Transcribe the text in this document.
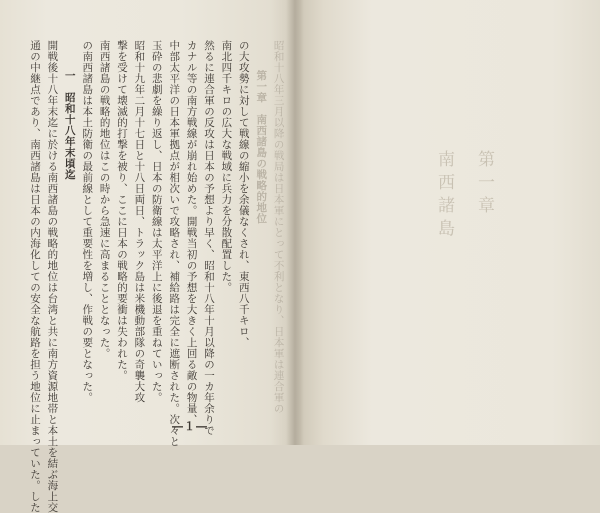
昭和十八年三月以降の戦局は日本軍にとって不利となり、日本軍は連合軍の
第一章　南西諸島の戦略的地位
の大攻勢に対して戦線の縮小を余儀なくされ、東西八千キロ、
南北四千キロの広大な戦域に兵力を分散配置した。
然るに連合軍の反攻は日本の予想より早く、昭和十八年十月以降の一カ年余りで
カナル等の南方戦線が崩れ始めた。開戦当初の予想を大きく上回る敵の物量、
中部太平洋の日本軍拠点が相次いで攻略され、補給路は完全に遮断された。次々と
玉砕の悲劇を繰り返し、日本の防衛線は太平洋上に後退を重ねていった。
昭和十九年二月十七日と十八日両日、トラック島は米機動部隊の奇襲大攻
撃を受けて壊滅的打撃を被り、ここに日本の戦略的要衝は失われた。
南西諸島の戦略的地位はこの時から急速に高まることとなった。
の南西諸島は本土防衛の最前線として重要性を増し、作戦の要となった。
一　昭和十八年末頃迄
開戦後十八年末迄に於ける南西諸島の戦略的地位は台湾と共に南方資源地帯と本土を結ぶ海上交
通の中継点であり、南西諸島は日本の内海化しての安全な航路を担う地位に止まっていた。した	第一章
南西諸島
―１―
